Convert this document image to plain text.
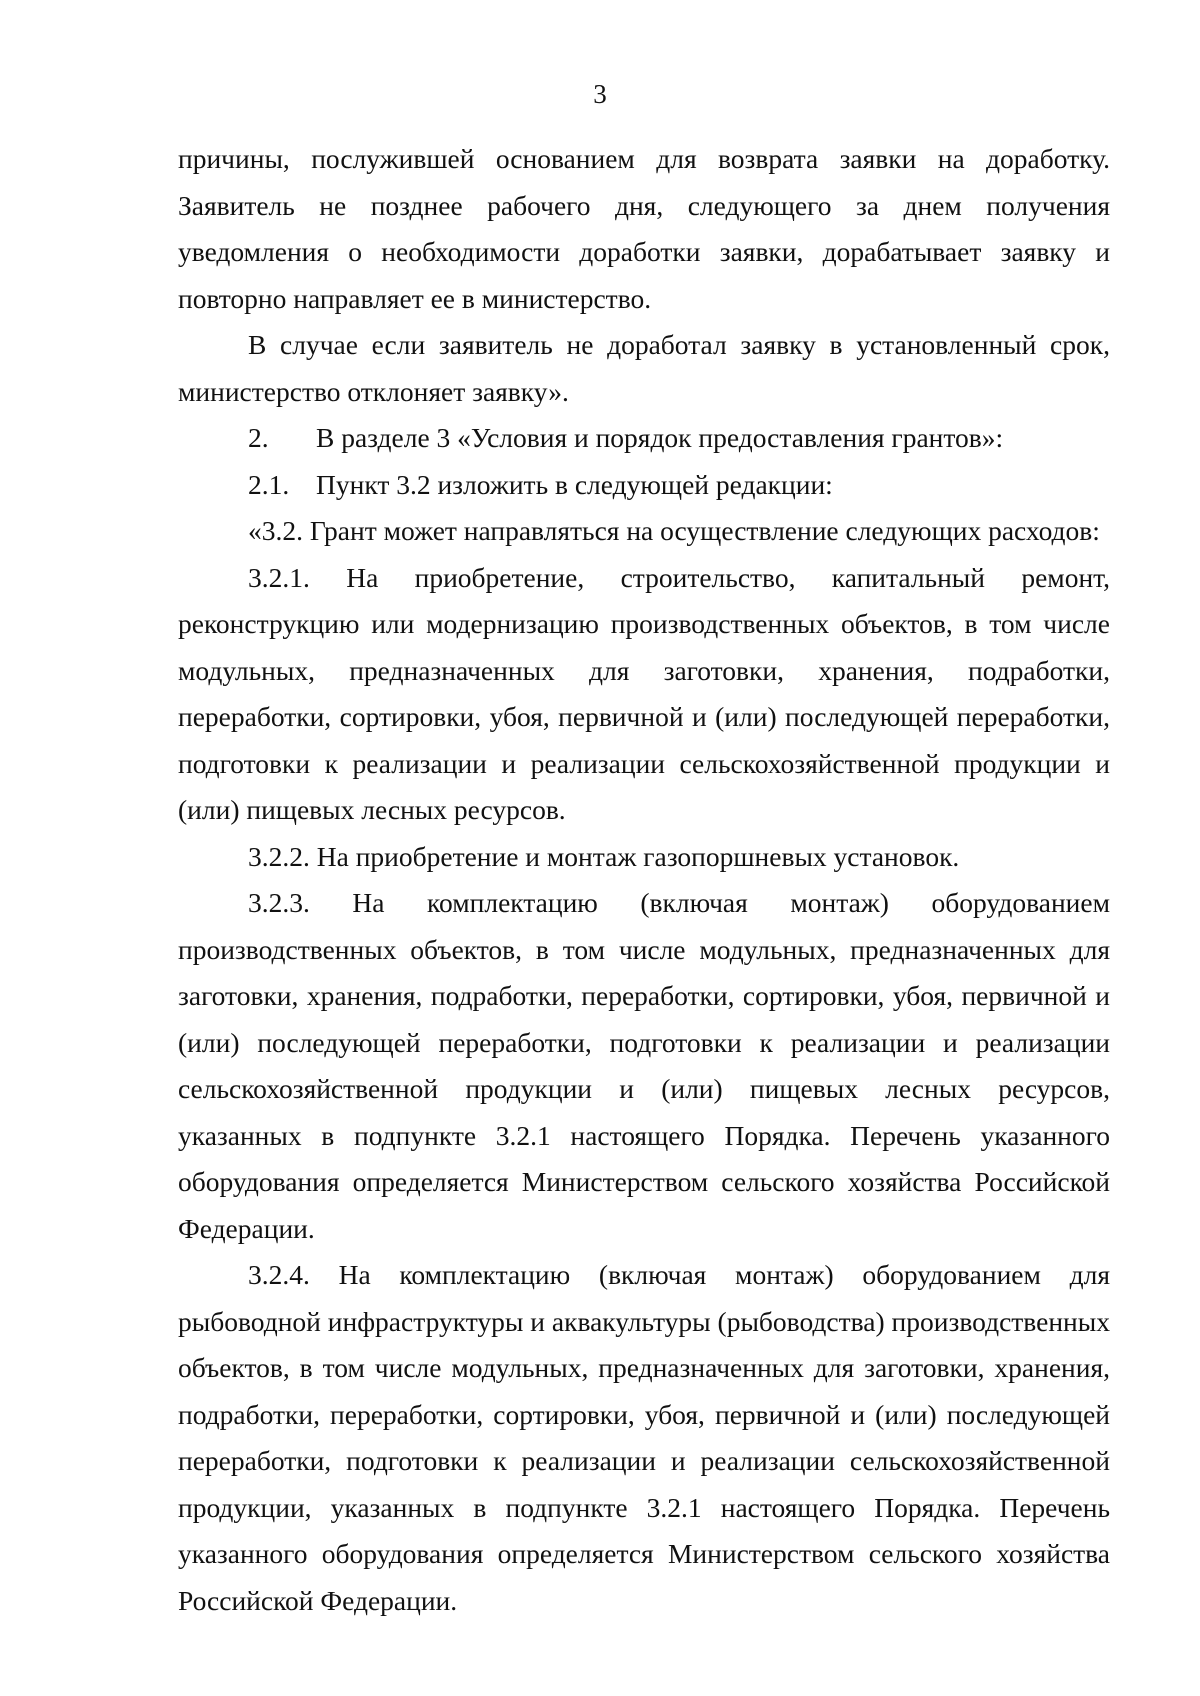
3

причины, послужившей основанием для возврата заявки на доработку. Заявитель не позднее рабочего дня, следующего за днем получения уведомления о необходимости доработки заявки, дорабатывает заявку и повторно направляет ее в министерство.

В случае если заявитель не доработал заявку в установленный срок, министерство отклоняет заявку».

2.	В разделе 3 «Условия и порядок предоставления грантов»:
2.1. Пункт 3.2 изложить в следующей редакции:

«3.2. Грант может направляться на осуществление следующих расходов:

3.2.1. На приобретение, строительство, капитальный ремонт, реконструкцию или модернизацию производственных объектов, в том числе модульных, предназначенных для заготовки, хранения, подработки, переработки, сортировки, убоя, первичной и (или) последующей переработки, подготовки к реализации и реализации сельскохозяйственной продукции и (или) пищевых лесных ресурсов.

3.2.2. На приобретение и монтаж газопоршневых установок.

3.2.3. На комплектацию (включая монтаж) оборудованием производственных объектов, в том числе модульных, предназначенных для заготовки, хранения, подработки, переработки, сортировки, убоя, первичной и (или) последующей переработки, подготовки к реализации и реализации сельскохозяйственной продукции и (или) пищевых лесных ресурсов, указанных в подпункте 3.2.1 настоящего Порядка. Перечень указанного оборудования определяется Министерством сельского хозяйства Российской Федерации.

3.2.4. На комплектацию (включая монтаж) оборудованием для рыбоводной инфраструктуры и аквакультуры (рыбоводства) производственных объектов, в том числе модульных, предназначенных для заготовки, хранения, подработки, переработки, сортировки, убоя, первичной и (или) последующей переработки, подготовки к реализации и реализации сельскохозяйственной продукции, указанных в подпункте 3.2.1 настоящего Порядка. Перечень указанного оборудования определяется Министерством сельского хозяйства Российской Федерации.
